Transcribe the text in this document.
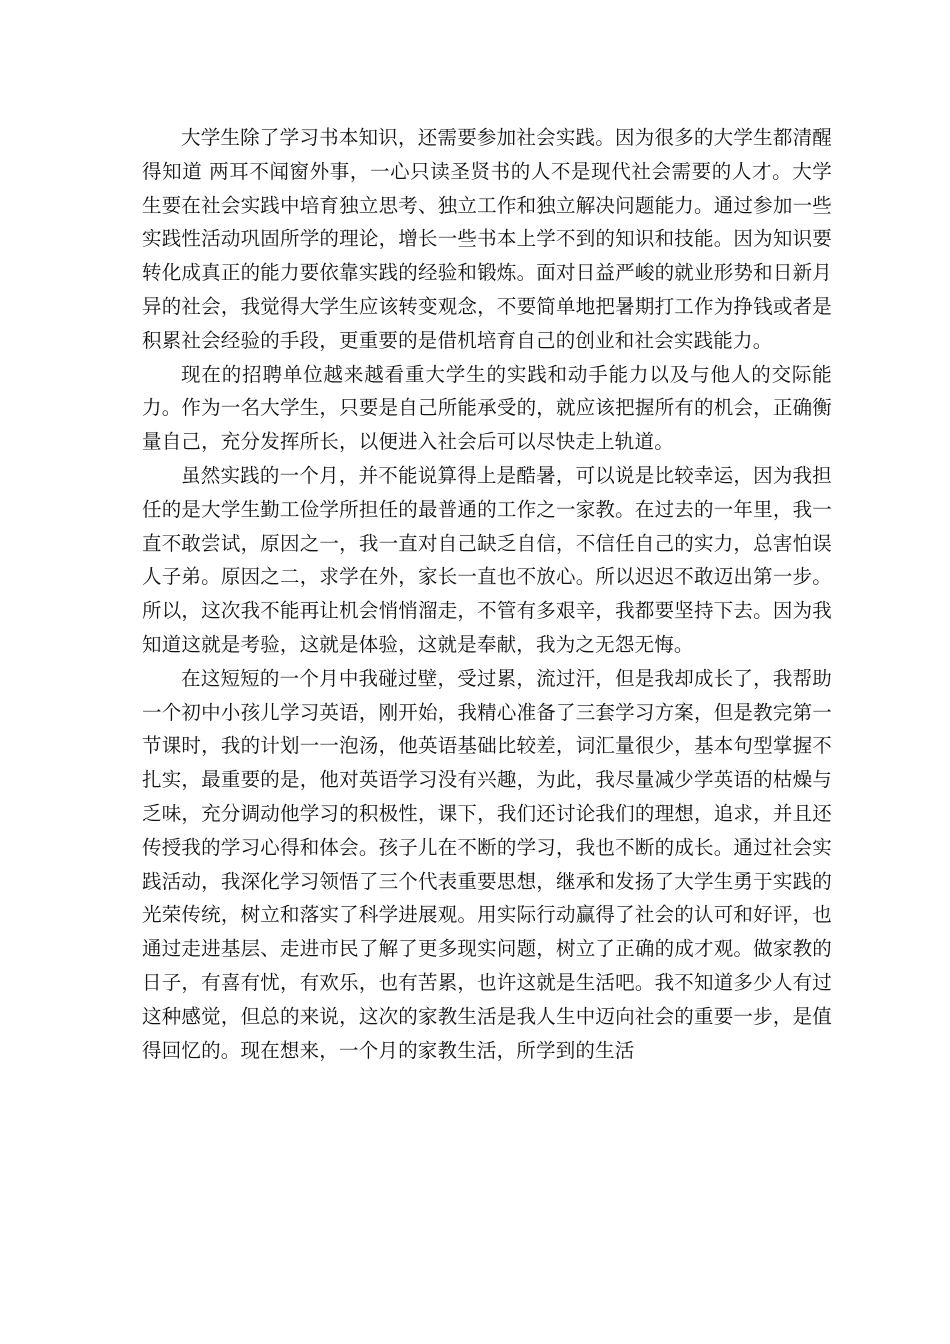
大学生除了学习书本知识，还需要参加社会实践。因为很多的大学生都清醒得知道 两耳不闻窗外事，一心只读圣贤书的人不是现代社会需要的人才。大学生要在社会实践中培育独立思考、独立工作和独立解决问题能力。通过参加一些实践性活动巩固所学的理论，增长一些书本上学不到的知识和技能。因为知识要转化成真正的能力要依靠实践的经验和锻炼。面对日益严峻的就业形势和日新月异的社会，我觉得大学生应该转变观念，不要简单地把暑期打工作为挣钱或者是积累社会经验的手段，更重要的是借机培育自己的创业和社会实践能力。

现在的招聘单位越来越看重大学生的实践和动手能力以及与他人的交际能力。作为一名大学生，只要是自己所能承受的，就应该把握所有的机会，正确衡量自己，充分发挥所长，以便进入社会后可以尽快走上轨道。

虽然实践的一个月，并不能说算得上是酷暑，可以说是比较幸运，因为我担任的是大学生勤工俭学所担任的最普通的工作之一家教。在过去的一年里，我一直不敢尝试，原因之一，我一直对自己缺乏自信，不信任自己的实力，总害怕误人子弟。原因之二，求学在外，家长一直也不放心。所以迟迟不敢迈出第一步。所以，这次我不能再让机会悄悄溜走，不管有多艰辛，我都要坚持下去。因为我知道这就是考验，这就是体验，这就是奉献，我为之无怨无悔。

在这短短的一个月中我碰过壁，受过累，流过汗，但是我却成长了，我帮助一个初中小孩儿学习英语，刚开始，我精心准备了三套学习方案，但是教完第一节课时，我的计划一一泡汤，他英语基础比较差，词汇量很少，基本句型掌握不扎实，最重要的是，他对英语学习没有兴趣，为此，我尽量减少学英语的枯燥与乏味，充分调动他学习的积极性，课下，我们还讨论我们的理想，追求，并且还传授我的学习心得和体会。孩子儿在不断的学习，我也不断的成长。通过社会实践活动，我深化学习领悟了三个代表重要思想，继承和发扬了大学生勇于实践的光荣传统，树立和落实了科学进展观。用实际行动赢得了社会的认可和好评，也通过走进基层、走进市民了解了更多现实问题，树立了正确的成才观。做家教的日子，有喜有忧，有欢乐，也有苦累，也许这就是生活吧。我不知道多少人有过这种感觉，但总的来说，这次的家教生活是我人生中迈向社会的重要一步，是值得回忆的。现在想来，一个月的家教生活，所学到的生活
